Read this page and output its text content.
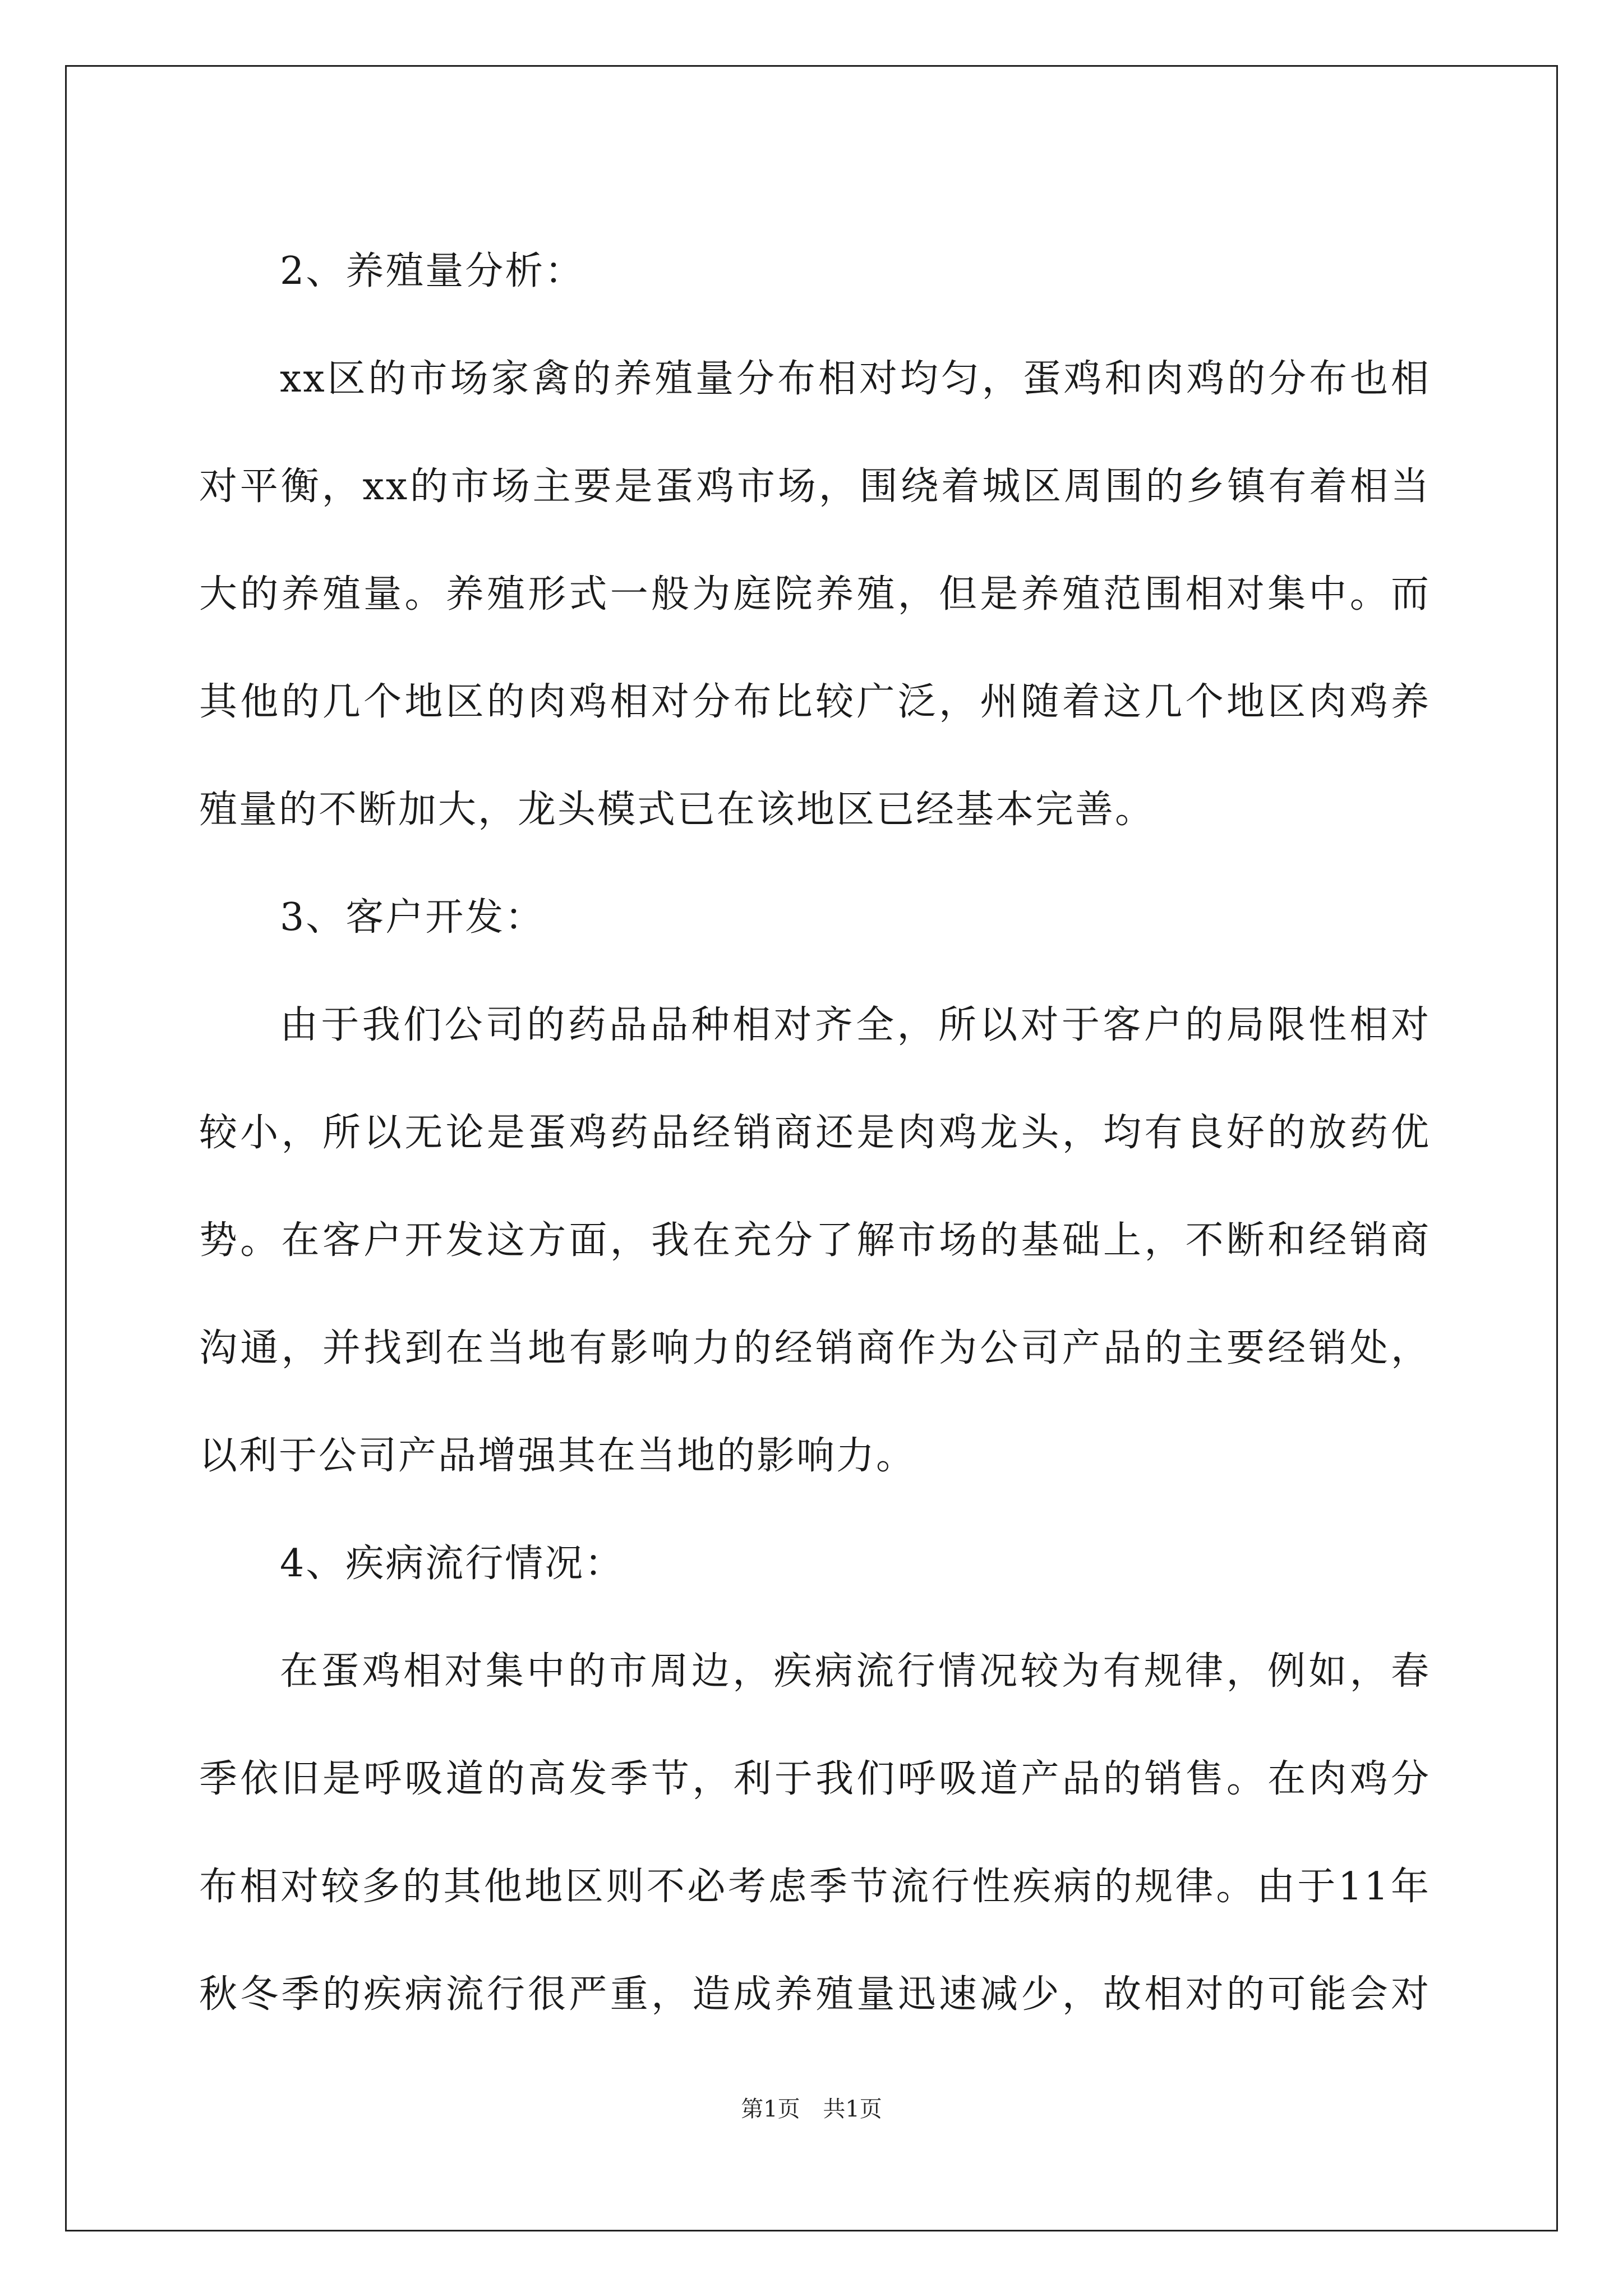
2、养殖量分析：
xx区的市场家禽的养殖量分布相对均匀，蛋鸡和肉鸡的分布也相
对平衡，xx的市场主要是蛋鸡市场，围绕着城区周围的乡镇有着相当
大的养殖量。养殖形式一般为庭院养殖，但是养殖范围相对集中。而
其他的几个地区的肉鸡相对分布比较广泛，州随着这几个地区肉鸡养
殖量的不断加大，龙头模式已在该地区已经基本完善。
3、客户开发：
由于我们公司的药品品种相对齐全，所以对于客户的局限性相对
较小，所以无论是蛋鸡药品经销商还是肉鸡龙头，均有良好的放药优
势。在客户开发这方面，我在充分了解市场的基础上，不断和经销商
沟通，并找到在当地有影响力的经销商作为公司产品的主要经销处，
以利于公司产品增强其在当地的影响力。
4、疾病流行情况：
在蛋鸡相对集中的市周边，疾病流行情况较为有规律，例如，春
季依旧是呼吸道的高发季节，利于我们呼吸道产品的销售。在肉鸡分
布相对较多的其他地区则不必考虑季节流行性疾病的规律。由于11年
秋冬季的疾病流行很严重，造成养殖量迅速减少，故相对的可能会对
第1页 共1页
